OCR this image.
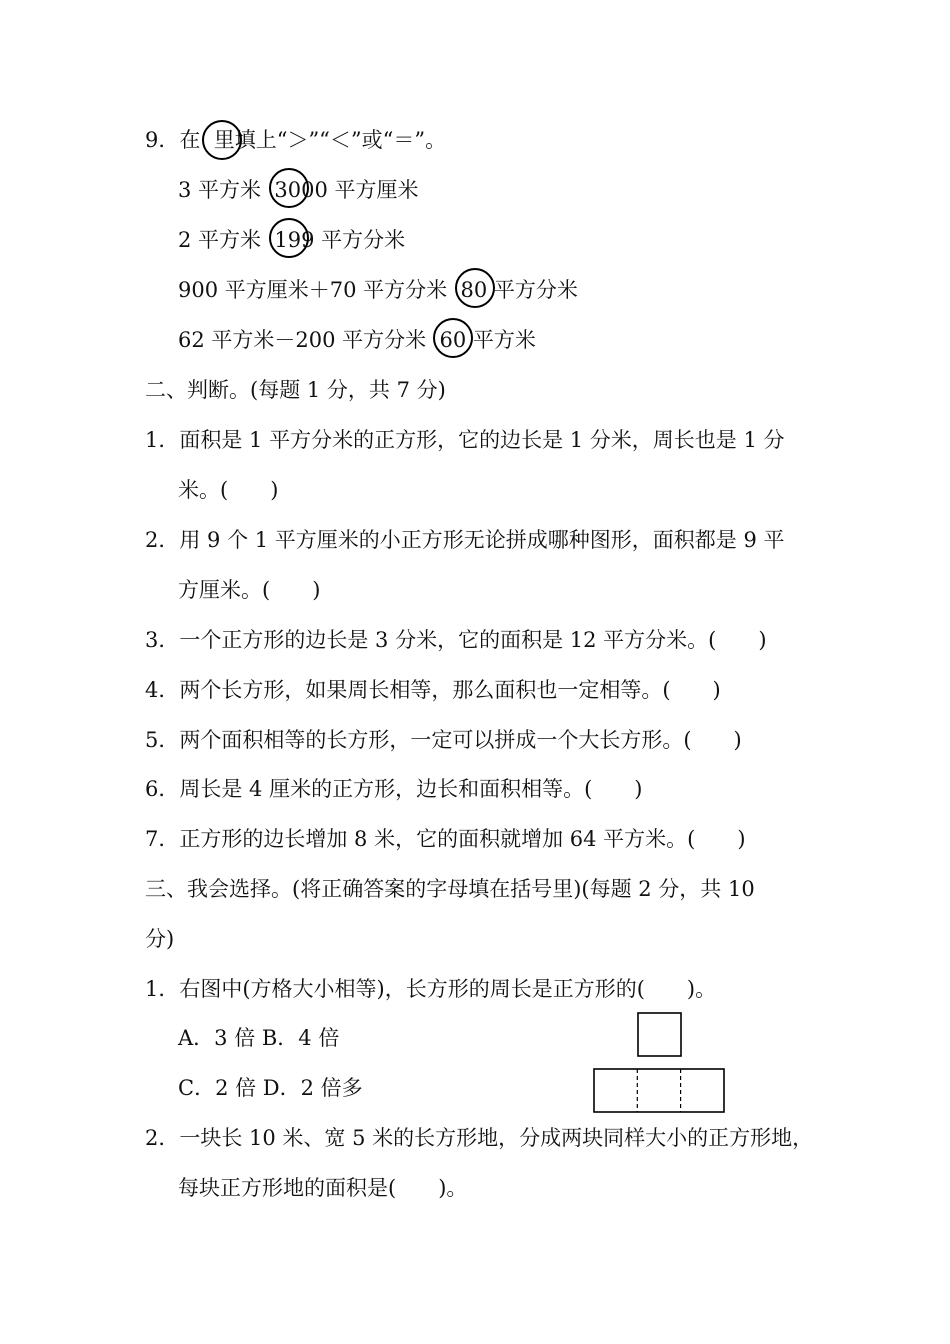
9．在  里填上“＞”“＜”或“＝”。
3 平方米  3000 平方厘米
2 平方米  199 平方分米
900 平方厘米＋70 平方分米  80 平方分米
62 平方米－200 平方分米  60 平方米
二、判断。(每题 1 分，共 7 分)
1．面积是 1 平方分米的正方形，它的边长是 1 分米，周长也是 1 分
米。(　　)
2．用 9 个 1 平方厘米的小正方形无论拼成哪种图形，面积都是 9 平
方厘米。(　　)
3．一个正方形的边长是 3 分米，它的面积是 12 平方分米。(　　)
4．两个长方形，如果周长相等，那么面积也一定相等。(　　)
5．两个面积相等的长方形，一定可以拼成一个大长方形。(　　)
6．周长是 4 厘米的正方形，边长和面积相等。(　　)
7．正方形的边长增加 8 米，它的面积就增加 64 平方米。(　　)
三、我会选择。(将正确答案的字母填在括号里)(每题 2 分，共 10
分)
1．右图中(方格大小相等)，长方形的周长是正方形的(　　)。
A．3 倍 B．4 倍
C．2 倍 D．2 倍多
2．一块长 10 米、宽 5 米的长方形地，分成两块同样大小的正方形地，
每块正方形地的面积是(　　)。
